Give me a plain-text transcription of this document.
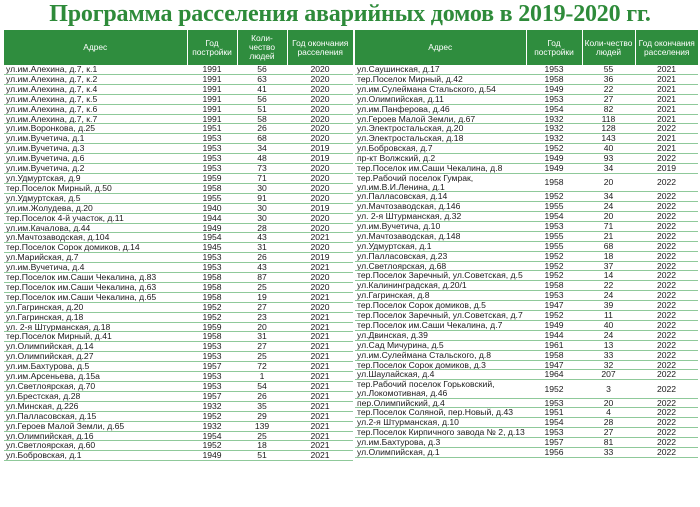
Программа расселения аварийных домов в 2019-2020 гг.
Адрес	Год постройки	Коли-чество людей	Год окончания расселения
ул.им.Алехина, д.7, к.1	1991	56	2020
ул.им.Алехина, д.7, к.2	1991	63	2020
ул.им.Алехина, д.7, к.4	1991	41	2020
ул.им.Алехина, д.7, к.5	1991	56	2020
ул.им.Алехина, д.7, к.6	1991	51	2020
ул.им.Алехина, д.7, к.7	1991	58	2020
ул.им.Воронкова, д.25	1951	26	2020
ул.им.Вучетича, д.1	1953	68	2020
ул.им.Вучетича, д.3	1953	34	2019
ул.им.Вучетича, д.6	1953	48	2019
ул.им.Вучетича, д.2	1953	73	2020
ул.Удмуртская, д.9	1959	71	2020
тер.Поселок Мирный, д.50	1958	30	2020
ул.Удмуртская, д.5	1955	91	2020
ул.им.Жолудева, д.20	1940	30	2019
тер.Поселок 4-й участок, д.11	1944	30	2020
ул.им.Качалова, д.44	1949	28	2020
ул.Мачтозаводская, д.104	1954	43	2021
тер.Поселок Сорок домиков, д.14	1945	31	2020
ул.Марийская, д.7	1953	26	2019
ул.им.Вучетича, д.4	1953	43	2021
тер.Поселок им.Саши Чекалина, д.83	1958	87	2020
тер.Поселок им.Саши Чекалина, д.63	1958	25	2020
тер.Поселок им.Саши Чекалина, д.65	1958	19	2021
ул.Гагринская, д.20	1952	27	2020
ул.Гагринская, д.18	1952	23	2021
ул. 2-я Штурманская, д.18	1959	20	2021
тер.Поселок Мирный, д.41	1958	31	2021
ул.Олимпийская, д.14	1953	27	2021
ул.Олимпийская, д.27	1953	25	2021
ул.им.Бахтурова, д.5	1957	72	2021
ул.им.Арсеньева, д.15а	1953	1	2021
ул.Светлоярская, д.70	1953	54	2021
ул.Брестская, д.28	1957	26	2021
ул.Минская, д.226	1932	35	2021
ул.Палласовская, д.15	1952	29	2021
ул.Героев Малой Земли, д.65	1932	139	2021
ул.Олимпийская, д.16	1954	25	2021
ул.Светлоярская, д.60	1952	18	2021
ул.Бобровская, д.1	1949	51	2021
Адрес	Год постройки	Коли-чество людей	Год окончания расселения
ул.Саушинская, д.17	1953	55	2021
тер.Поселок Мирный, д.42	1958	36	2021
ул.им.Сулеймана Стальского, д.54	1949	22	2021
ул.Олимпийская, д.11	1953	27	2021
ул.им.Панферова, д.46	1954	82	2021
ул.Героев Малой Земли, д.67	1932	118	2021
ул.Электростальская, д.20	1932	128	2022
ул.Электростальская, д.18	1932	143	2021
ул.Бобровская, д.7	1952	40	2021
пр-кт Волжский, д.2	1949	93	2022
тер.Поселок им.Саши Чекалина, д.8	1949	34	2019
тер.Рабочий поселок Гумрак, ул.им.В.И.Ленина, д.1	1958	20	2022
ул.Палласовская, д.14	1952	34	2022
ул.Мачтозаводская, д.146	1955	24	2022
ул. 2-я Штурманская, д.32	1954	20	2022
ул.им.Вучетича, д.10	1953	71	2022
ул.Мачтозаводская, д.148	1955	21	2022
ул.Удмуртская, д.1	1955	68	2022
ул.Палласовская, д.23	1952	18	2022
ул.Светлоярская, д.68	1952	37	2022
тер.Поселок Заречный, ул.Советская, д.5	1952	14	2022
ул.Калининградская, д.20/1	1958	22	2022
ул.Гагринская, д.8	1953	24	2022
тер.Поселок Сорок домиков, д.5	1947	39	2022
тер.Поселок Заречный, ул.Советская, д.7	1952	11	2022
тер.Поселок им.Саши Чекалина, д.7	1949	40	2022
ул.Двинская, д.39	1944	24	2022
ул.Сад Мичурина, д.5	1961	13	2022
ул.им.Сулеймана Стальского, д.8	1958	33	2022
тер.Поселок Сорок домиков, д.3	1947	32	2022
ул.Шаулайская, д.4	1964	207	2022
тер.Рабочий поселок Горьковский, ул.Локомотивная, д.46	1952	3	2022
пер.Олимпийский, д.4	1953	20	2022
тер.Поселок Соляной, пер.Новый, д.43	1951	4	2022
ул.2-я Штурманская, д.10	1954	28	2022
тер.Поселок Кирпичного завода № 2, д.13	1953	27	2022
ул.им.Бахтурова, д.3	1957	81	2022
ул.Олимпийская, д.1	1956	33	2022
